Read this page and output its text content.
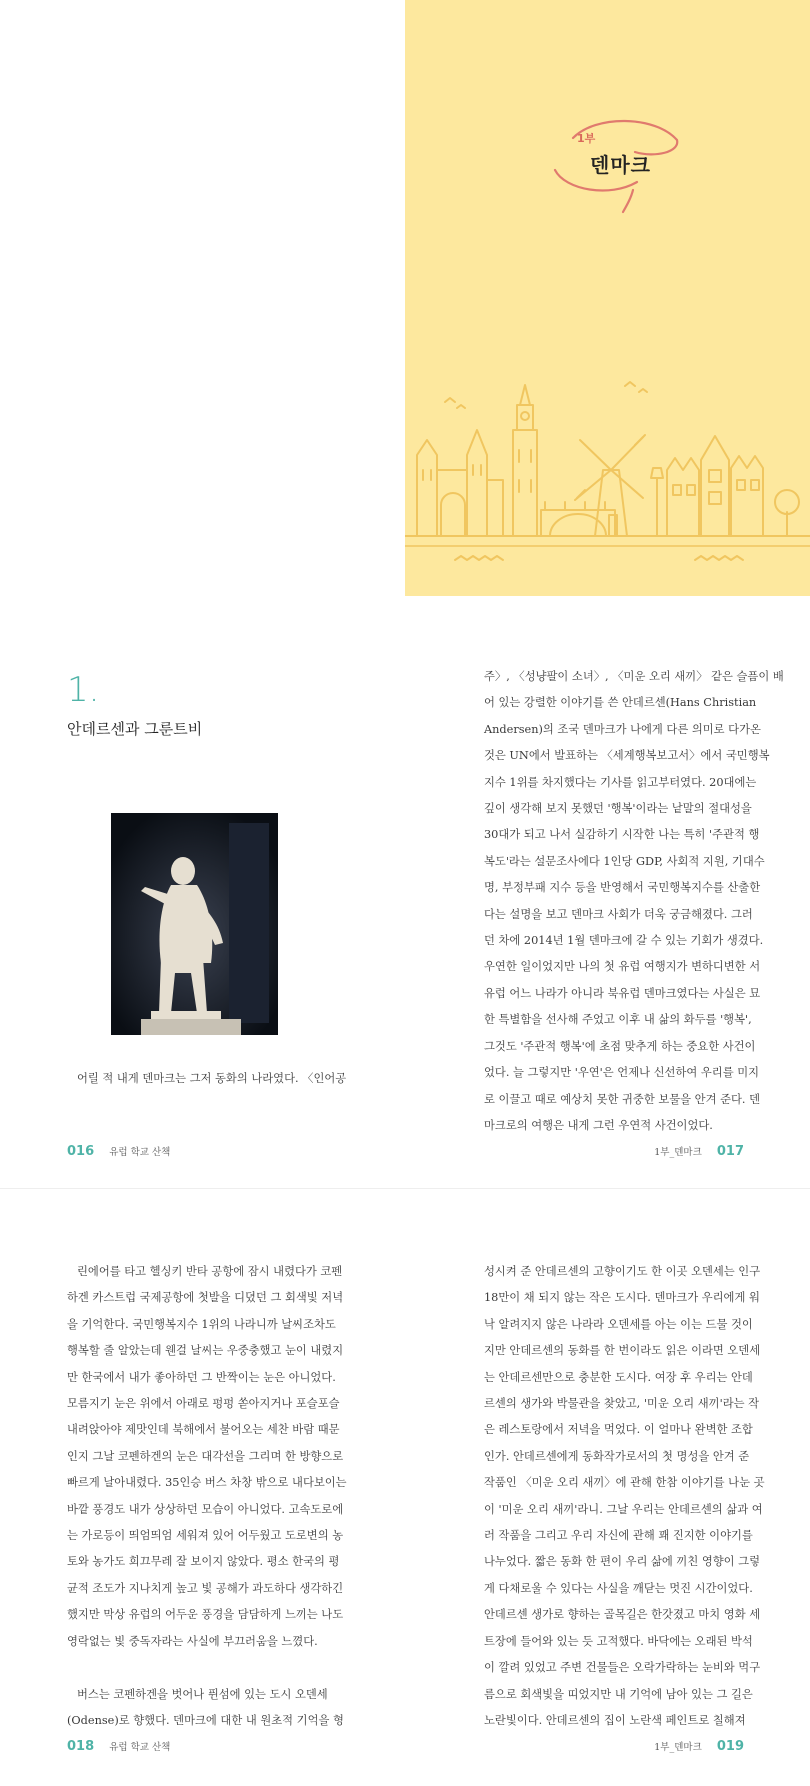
1부
덴마크
1.
안데르센과 그룬트비
어릴 적 내게 덴마크는 그저 동화의 나라였다. 〈인어공
주〉, 〈성냥팔이 소녀〉, 〈미운 오리 새끼〉 같은 슬픔이 배
어 있는 강렬한 이야기를 쓴 안데르센(Hans Christian
Andersen)의 조국 덴마크가 나에게 다른 의미로 다가온
것은 UN에서 발표하는 〈세계행복보고서〉에서 국민행복
지수 1위를 차지했다는 기사를 읽고부터였다. 20대에는
깊이 생각해 보지 못했던 '행복'이라는 낱말의 절대성을
30대가 되고 나서 실감하기 시작한 나는 특히 '주관적 행
복도'라는 설문조사에다 1인당 GDP, 사회적 지원, 기대수
명, 부정부패 지수 등을 반영해서 국민행복지수를 산출한
다는 설명을 보고 덴마크 사회가 더욱 궁금해졌다. 그러
던 차에 2014년 1월 덴마크에 갈 수 있는 기회가 생겼다.
우연한 일이었지만 나의 첫 유럽 여행지가 변하디변한 서
유럽 어느 나라가 아니라 북유럽 덴마크였다는 사실은 묘
한 특별함을 선사해 주었고 이후 내 삶의 화두를 '행복',
그것도 '주관적 행복'에 초점 맞추게 하는 중요한 사건이
었다. 늘 그렇지만 '우연'은 언제나 신선하여 우리를 미지
로 이끌고 때로 예상치 못한 귀중한 보물을 안겨 준다. 덴
마크로의 여행은 내게 그런 우연적 사건이었다.
016 유럽 학교 산책	1부_덴마크 017
린에어를 타고 헬싱키 반타 공항에 잠시 내렸다가 코펜
하겐 카스트럽 국제공항에 첫발을 디뎠던 그 회색빛 저녁
을 기억한다. 국민행복지수 1위의 나라니까 날씨조차도
행복할 줄 알았는데 웬걸 날씨는 우중충했고 눈이 내렸지
만 한국에서 내가 좋아하던 그 반짝이는 눈은 아니었다.
모름지기 눈은 위에서 아래로 펑펑 쏟아지거나 포슬포슬
내려앉아야 제맛인데 북해에서 불어오는 세찬 바람 때문
인지 그날 코펜하겐의 눈은 대각선을 그리며 한 방향으로
빠르게 날아내렸다. 35인승 버스 차창 밖으로 내다보이는
바깥 풍경도 내가 상상하던 모습이 아니었다. 고속도로에
는 가로등이 띄엄띄엄 세워져 있어 어두웠고 도로변의 농
토와 농가도 희끄무레 잘 보이지 않았다. 평소 한국의 평
균적 조도가 지나치게 높고 빛 공해가 과도하다 생각하긴
했지만 막상 유럽의 어두운 풍경을 담담하게 느끼는 나도
영락없는 빛 중독자라는 사실에 부끄러움을 느꼈다.

버스는 코펜하겐을 벗어나 퓐섬에 있는 도시 오덴세
(Odense)로 향했다. 덴마크에 대한 내 원초적 기억을 형
성시켜 준 안데르센의 고향이기도 한 이곳 오덴세는 인구
18만이 채 되지 않는 작은 도시다. 덴마크가 우리에게 워
낙 알려지지 않은 나라라 오덴세를 아는 이는 드물 것이
지만 안데르센의 동화를 한 번이라도 읽은 이라면 오덴세
는 안데르센만으로 충분한 도시다. 여장 후 우리는 안데
르센의 생가와 박물관을 찾았고, '미운 오리 새끼'라는 작
은 레스토랑에서 저녁을 먹었다. 이 얼마나 완벽한 조합
인가. 안데르센에게 동화작가로서의 첫 명성을 안겨 준
작품인 〈미운 오리 새끼〉에 관해 한참 이야기를 나눈 곳
이 '미운 오리 새끼'라니. 그날 우리는 안데르센의 삶과 여
러 작품을 그리고 우리 자신에 관해 꽤 진지한 이야기를
나누었다. 짧은 동화 한 편이 우리 삶에 끼친 영향이 그렇
게 다채로울 수 있다는 사실을 깨닫는 멋진 시간이었다.
안데르센 생가로 향하는 골목길은 한갓졌고 마치 영화 세
트장에 들어와 있는 듯 고적했다. 바닥에는 오래된 박석
이 깔려 있었고 주변 건물들은 오락가락하는 눈비와 먹구
름으로 회색빛을 띠었지만 내 기억에 남아 있는 그 길은
노란빛이다. 안데르센의 집이 노란색 페인트로 칠해져
018 유럽 학교 산책	1부_덴마크 019
